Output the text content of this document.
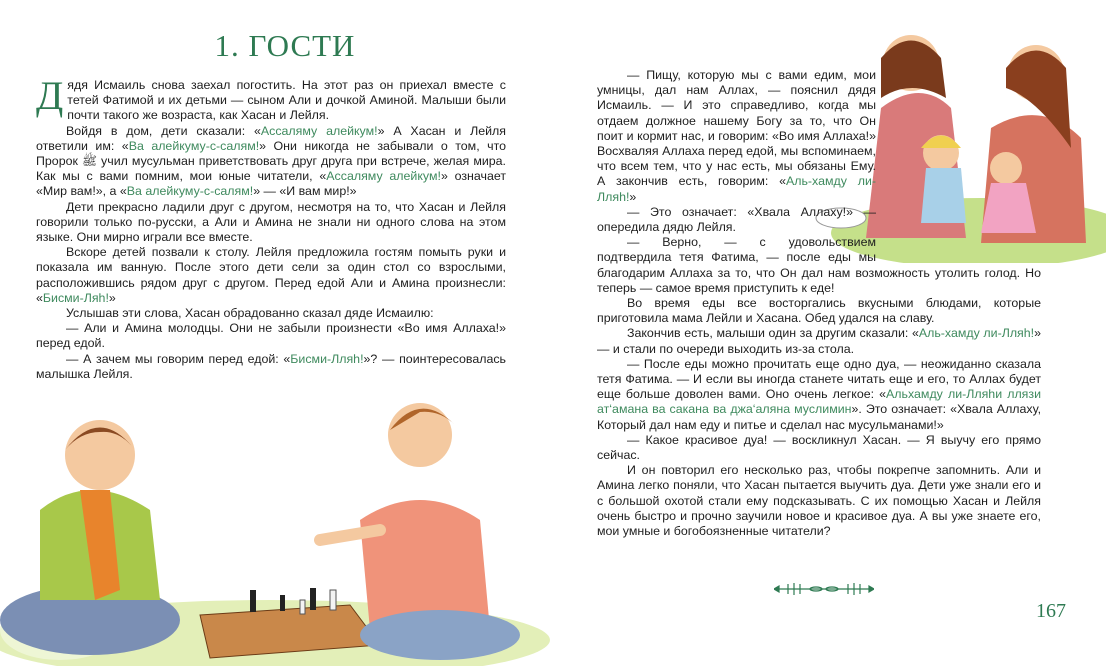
1. ГОСТИ

Дядя Исмаиль снова заехал погостить. На этот раз он приехал вместе с тетей Фатимой и их детьми — сыном Али и дочкой Аминой. Малыши были почти такого же возраста, как Хасан и Лейля.

Войдя в дом, дети сказали: «Ассаляму алейкум!» А Хасан и Лейля ответили им: «Ва алейкуму-с-салям!» Они никогда не забывали о том, что Пророк ﷺ учил мусульман приветствовать друг друга при встрече, желая мира. Как мы с вами помним, мои юные читатели, «Ассаляму алейкум!» означает «Мир вам!», а «Ва алейкуму-с-салям!» — «И вам мир!»

Дети прекрасно ладили друг с другом, несмотря на то, что Хасан и Лейля говорили только по-русски, а Али и Амина не знали ни одного слова на этом языке. Они мирно играли все вместе.

Вскоре детей позвали к столу. Лейля предложила гостям помыть руки и показала им ванную. После этого дети сели за один стол со взрослыми, расположившись рядом друг с другом. Перед едой Али и Амина произнесли: «Бисми-Ляһ!»

Услышав эти слова, Хасан обрадованно сказал дяде Исмаилю:

— Али и Амина молодцы. Они не забыли произнести «Во имя Аллаха!» перед едой.

— А зачем мы говорим перед едой: «Бисми-Лляһ!»? — поинтересовалась малышка Лейля.

— Пищу, которую мы с вами едим, мои умницы, дал нам Аллах, — пояснил дядя Исмаиль. — И это справедливо, когда мы отдаем должное нашему Богу за то, что Он поит и кормит нас, и говорим: «Во имя Аллаха!» Восхваляя Аллаха перед едой, мы вспоминаем, что всем тем, что у нас есть, мы обязаны Ему. А закончив есть, говорим: «Аль-хамду ли-Лляһ!»

— Это означает: «Хвала Аллаху!» — опередила дядю Лейля.

— Верно, — с удовольствием подтвердила тетя Фатима, — после еды мы благодарим Аллаха за то, что Он дал нам возможность утолить голод. Но теперь — самое время приступить к еде!

Во время еды все восторгались вкусными блюдами, которые приготовила мама Лейли и Хасана. Обед удался на славу.

Закончив есть, малыши один за другим сказали: «Аль-хамду ли-Лляһ!» — и стали по очереди выходить из-за стола.

— После еды можно прочитать еще одно дуа, — неожиданно сказала тетя Фатима. — И если вы иногда станете читать еще и его, то Аллах будет еще больше доволен вами. Оно очень легкое: «Альхамду ли-Лляһи ллязи ат‘амана ва сакана ва джа‘аляна муслимин». Это означает: «Хвала Аллаху, Который дал нам еду и питье и сделал нас мусульманами!»

— Какое красивое дуа! — воскликнул Хасан. — Я выучу его прямо сейчас.

И он повторил его несколько раз, чтобы покрепче запомнить. Али и Амина легко поняли, что Хасан пытается выучить дуа. Дети уже знали его и с большой охотой стали ему подсказывать. С их помощью Хасан и Лейля очень быстро и прочно заучили новое и красивое дуа. А вы уже знаете его, мои умные и богобоязненные читатели?

167
